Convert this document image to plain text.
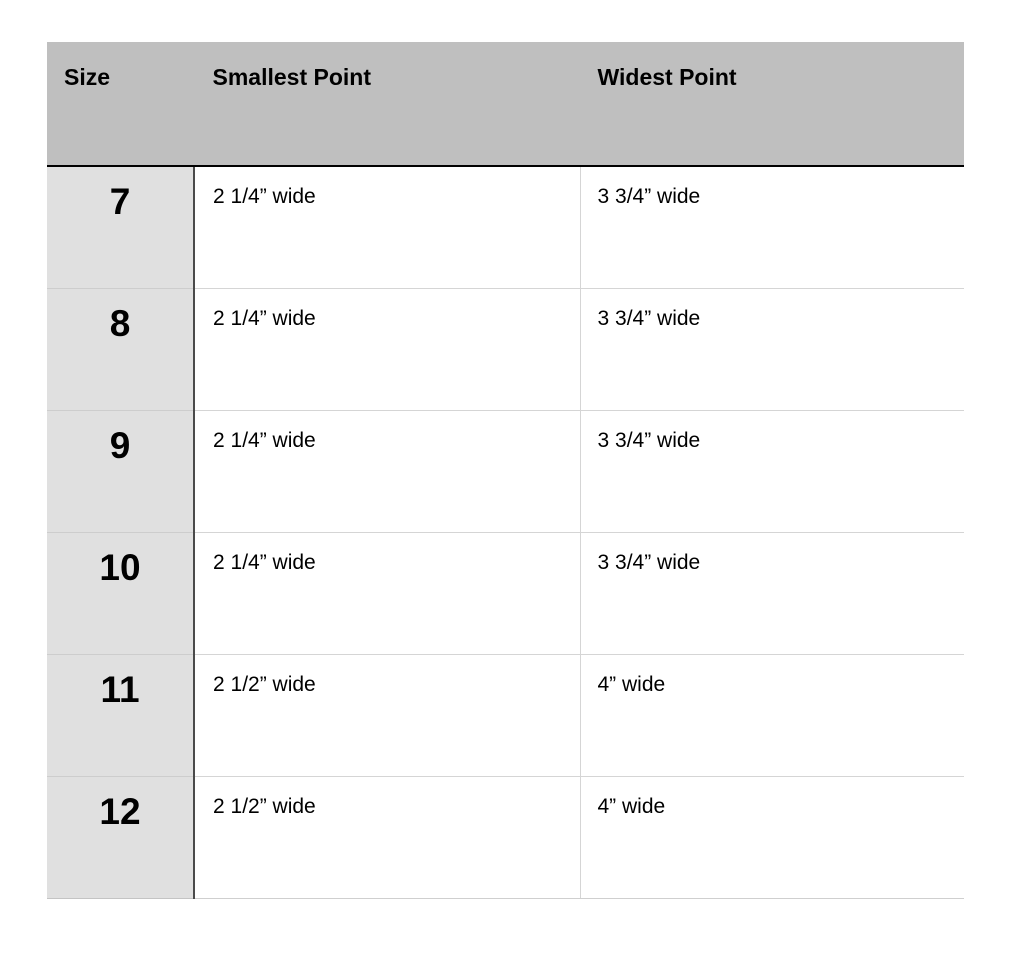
Size	Smallest Point	Widest Point
7	2 1/4” wide	3 3/4” wide
8	2 1/4” wide	3 3/4” wide
9	2 1/4” wide	3 3/4” wide
10	2 1/4” wide	3 3/4” wide
11	2 1/2” wide	4” wide
12	2 1/2” wide	4” wide
